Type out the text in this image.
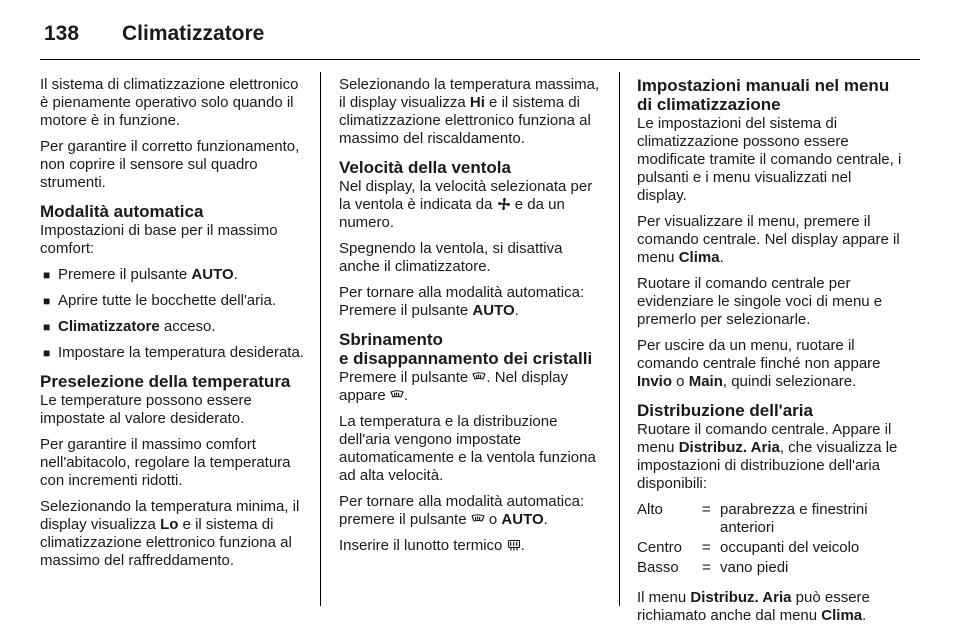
138	Climatizzatore

Il sistema di climatizzazione elettronico è pienamente operativo solo quando il motore è in funzione.

Per garantire il corretto funzionamento, non coprire il sensore sul quadro strumenti.

Modalità automatica

Impostazioni di base per il massimo comfort:

■ Premere il pulsante AUTO.
■ Aprire tutte le bocchette dell'aria.
■ Climatizzatore acceso.
■ Impostare la temperatura desiderata.
Preselezione della temperatura

Le temperature possono essere impostate al valore desiderato.

Per garantire il massimo comfort nell'abitacolo, regolare la temperatura con incrementi ridotti.

Selezionando la temperatura minima, il display visualizza Lo e il sistema di climatizzazione elettronico funziona al massimo del raffreddamento.

Selezionando la temperatura massima, il display visualizza Hi e il sistema di climatizzazione elettronico funziona al massimo del riscaldamento.

Velocità della ventola

Nel display, la velocità selezionata per la ventola è indicata da  e da un numero.

Spegnendo la ventola, si disattiva anche il climatizzatore.

Per tornare alla modalità automatica: Premere il pulsante AUTO.

Sbrinamento
e disappannamento dei cristalli

Premere il pulsante . Nel display appare .

La temperatura e la distribuzione dell'aria vengono impostate automaticamente e la ventola funziona ad alta velocità.

Per tornare alla modalità automatica: premere il pulsante  o AUTO.

Inserire il lunotto termico .

Impostazioni manuali nel menu di climatizzazione

Le impostazioni del sistema di climatizzazione possono essere modificate tramite il comando centrale, i pulsanti e i menu visualizzati nel display.

Per visualizzare il menu, premere il comando centrale. Nel display appare il menu Clima.

Ruotare il comando centrale per evidenziare le singole voci di menu e premerlo per selezionarle.

Per uscire da un menu, ruotare il comando centrale finché non appare Invio o Main, quindi selezionare.

Distribuzione dell'aria

Ruotare il comando centrale. Appare il menu Distribuz. Aria, che visualizza le impostazioni di distribuzione dell'aria disponibili:

Alto	= parabrezza e finestrini anteriori
Centro	= occupanti del veicolo
Basso	= vano piedi

Il menu Distribuz. Aria può essere richiamato anche dal menu Clima.
